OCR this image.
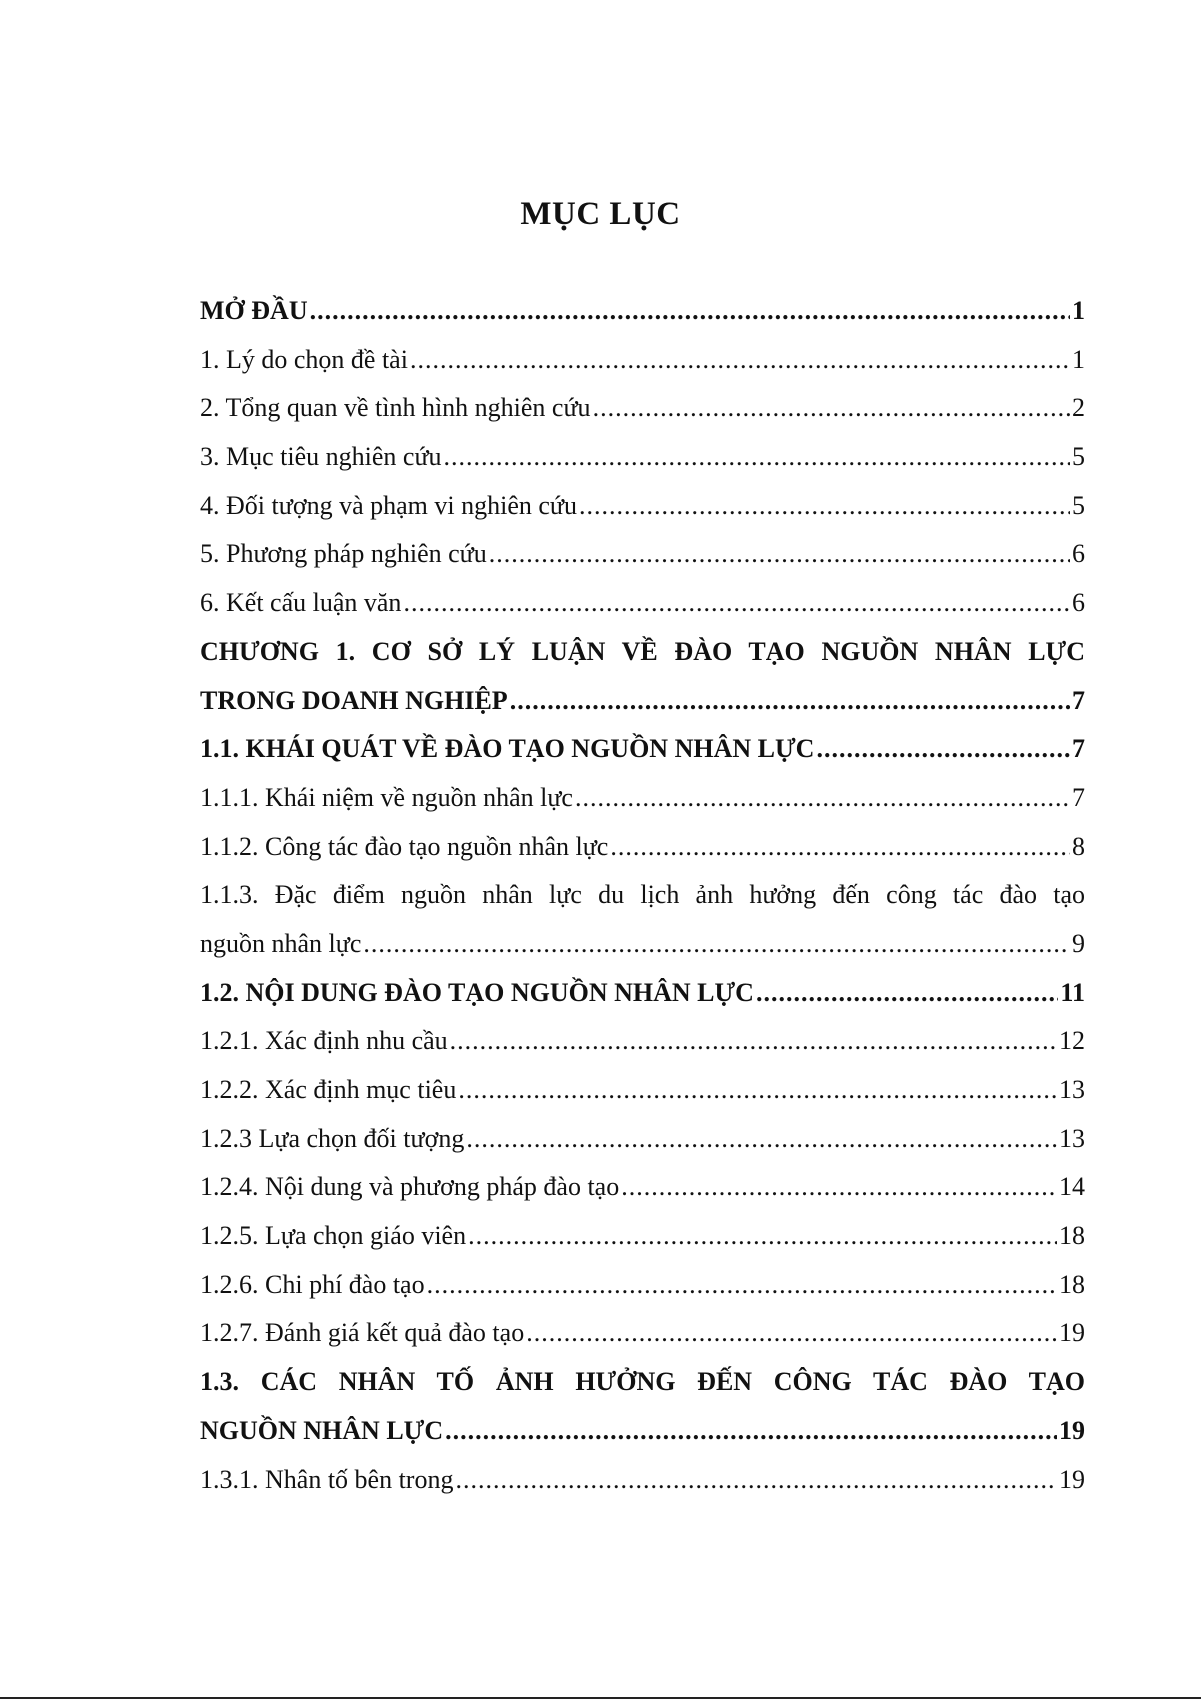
MỤC LỤC
MỞ ĐẦU .....	1
1. Lý do chọn đề tài .....	1
2. Tổng quan về tình hình nghiên cứu .....	2
3. Mục tiêu nghiên cứu .....	5
4. Đối tượng và phạm vi nghiên cứu .....	5
5. Phương pháp nghiên cứu .....	6
6. Kết cấu luận văn .....	6
CHƯƠNG 1. CƠ SỞ LÝ LUẬN VỀ ĐÀO TẠO NGUỒN NHÂN LỰC
TRONG DOANH NGHIỆP .....	7
1.1. KHÁI QUÁT VỀ ĐÀO TẠO NGUỒN NHÂN LỰC .....	7
1.1.1. Khái niệm về nguồn nhân lực .....	7
1.1.2. Công tác đào tạo nguồn nhân lực .....	8
1.1.3. Đặc điểm nguồn nhân lực du lịch ảnh hưởng đến công tác đào tạo
nguồn nhân lực .....	9
1.2. NỘI DUNG ĐÀO TẠO NGUỒN NHÂN LỰC .....	11
1.2.1. Xác định nhu cầu .....	12
1.2.2. Xác định mục tiêu .....	13
1.2.3 Lựa chọn đối tượng .....	13
1.2.4. Nội dung và phương pháp đào tạo .....	14
1.2.5. Lựa chọn giáo viên .....	18
1.2.6. Chi phí đào tạo .....	18
1.2.7. Đánh giá kết quả đào tạo .....	19
1.3. CÁC NHÂN TỐ ẢNH HƯỞNG ĐẾN CÔNG TÁC ĐÀO TẠO
NGUỒN NHÂN LỰC .....	19
1.3.1. Nhân tố bên trong .....	19
